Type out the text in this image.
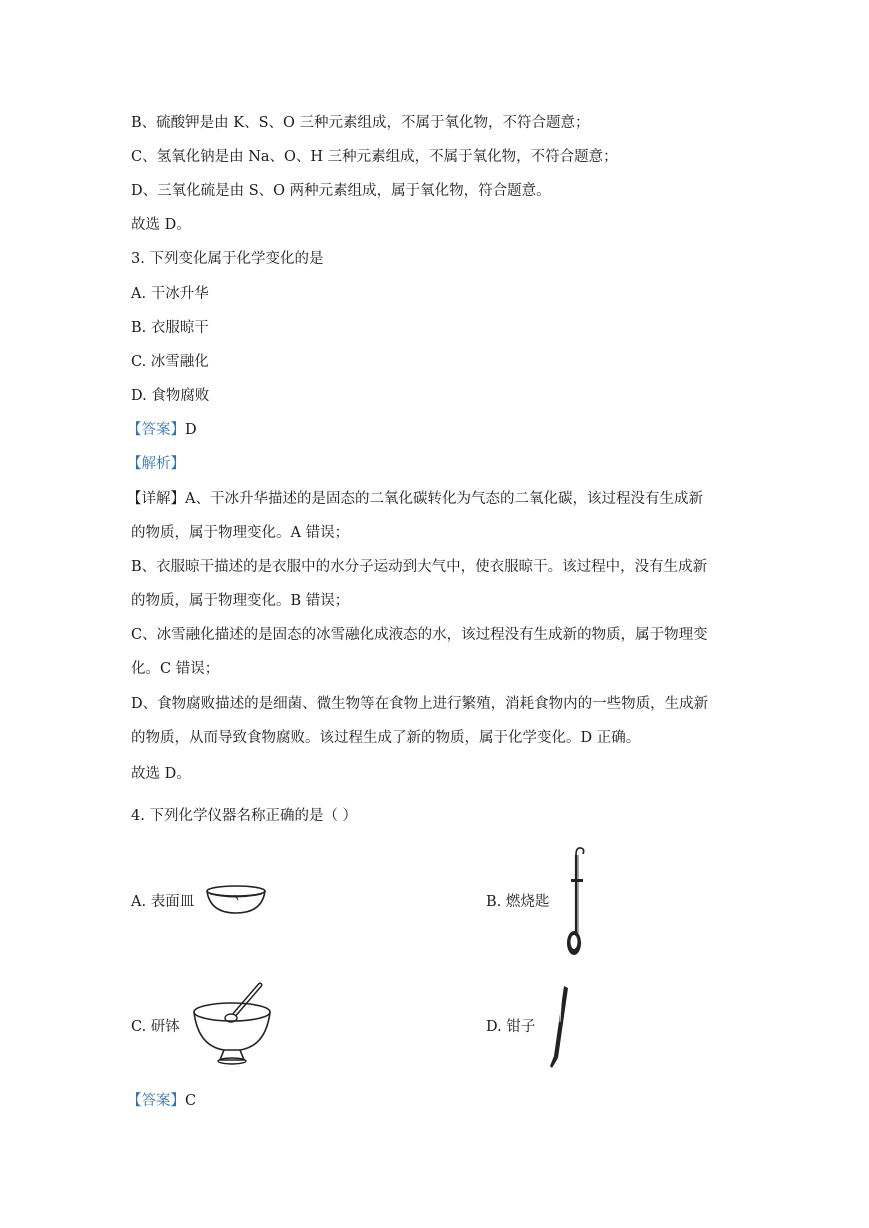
B、硫酸钾是由 K、S、O 三种元素组成，不属于氧化物，不符合题意；
C、氢氧化钠是由 Na、O、H 三种元素组成，不属于氧化物，不符合题意；
D、三氧化硫是由 S、O 两种元素组成，属于氧化物，符合题意。
故选 D。
3. 下列变化属于化学变化的是
A. 干冰升华
B. 衣服晾干
C. 冰雪融化
D. 食物腐败
【答案】D
【解析】
【详解】A、干冰升华描述的是固态的二氧化碳转化为气态的二氧化碳，该过程没有生成新
的物质，属于物理变化。A 错误；
B、衣服晾干描述的是衣服中的水分子运动到大气中，使衣服晾干。该过程中，没有生成新
的物质，属于物理变化。B 错误；
C、冰雪融化描述的是固态的冰雪融化成液态的水，该过程没有生成新的物质，属于物理变
化。C 错误；
D、食物腐败描述的是细菌、微生物等在食物上进行繁殖，消耗食物内的一些物质，生成新
的物质，从而导致食物腐败。该过程生成了新的物质，属于化学变化。D 正确。
故选 D。
4. 下列化学仪器名称正确的是（ ）
A. 表面皿	B. 燃烧匙
C. 研钵	D. 钳子
【答案】C
